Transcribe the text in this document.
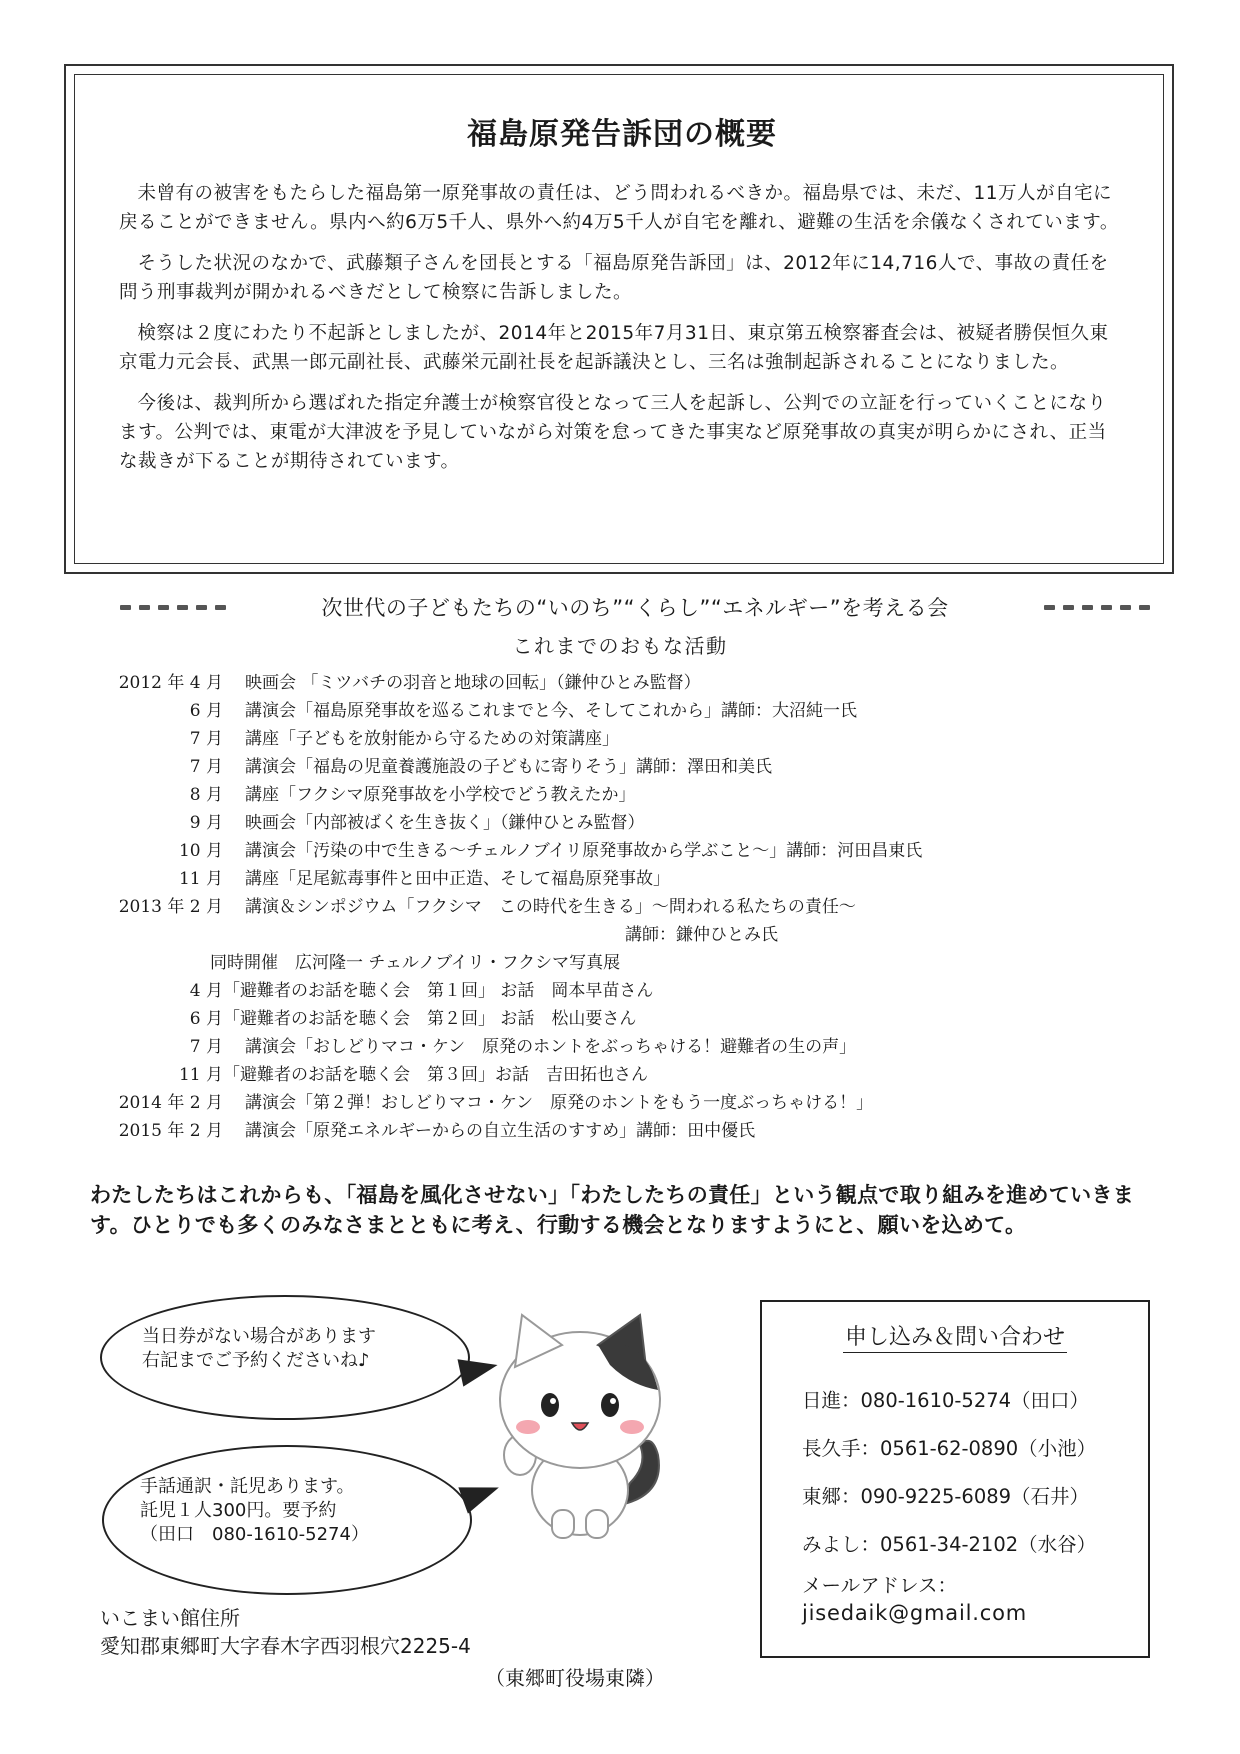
福島原発告訴団の概要

未曾有の被害をもたらした福島第一原発事故の責任は、どう問われるべきか。福島県では、未だ、11万人が自宅に戻ることができません。県内へ約6万5千人、県外へ約4万5千人が自宅を離れ、避難の生活を余儀なくされています。

そうした状況のなかで、武藤類子さんを団長とする「福島原発告訴団」は、2012年に14,716人で、事故の責任を問う刑事裁判が開かれるべきだとして検察に告訴しました。

検察は２度にわたり不起訴としましたが、2014年と2015年7月31日、東京第五検察審査会は、被疑者勝俣恒久東京電力元会長、武黒一郎元副社長、武藤栄元副社長を起訴議決とし、三名は強制起訴されることになりました。

今後は、裁判所から選ばれた指定弁護士が検察官役となって三人を起訴し、公判での立証を行っていくことになります。公判では、東電が大津波を予見していながら対策を怠ってきた事実など原発事故の真実が明らかにされ、正当な裁きが下ることが期待されています。

次世代の子どもたちの“いのち”“くらし”“エネルギー”を考える会
これまでのおもな活動
2012 年 4 月	映画会 「ミツバチの羽音と地球の回転」（鎌仲ひとみ監督）
6 月	講演会「福島原発事故を巡るこれまでと今、そしてこれから」講師：大沼純一氏
7 月	講座「子どもを放射能から守るための対策講座」
7 月	講演会「福島の児童養護施設の子どもに寄りそう」講師：澤田和美氏
8 月	講座「フクシマ原発事故を小学校でどう教えたか」
9 月	映画会「内部被ばくを生き抜く」（鎌仲ひとみ監督）
10 月	講演会「汚染の中で生きる～チェルノブイリ原発事故から学ぶこと～」講師：河田昌東氏
11 月	講座「足尾鉱毒事件と田中正造、そして福島原発事故」
2013 年 2 月	講演＆シンポジウム「フクシマ　この時代を生きる」～問われる私たちの責任～
講師：鎌仲ひとみ氏
同時開催　広河隆一 チェルノブイリ・フクシマ写真展
4 月 「避難者のお話を聴く会　第１回」 お話　岡本早苗さん
6 月 「避難者のお話を聴く会　第２回」 お話　松山要さん
7 月	講演会「おしどりマコ・ケン　原発のホントをぶっちゃける！避難者の生の声」
11 月 「避難者のお話を聴く会　第３回」お話　吉田拓也さん
2014 年 2 月	講演会「第２弾！おしどりマコ・ケン　原発のホントをもう一度ぶっちゃける！」
2015 年 2 月	講演会「原発エネルギーからの自立生活のすすめ」講師：田中優氏
わたしたちはこれからも、「福島を風化させない」「わたしたちの責任」という観点で取り組みを進めていきます。ひとりでも多くのみなさまとともに考え、行動する機会となりますようにと、願いを込めて。
当日券がない場合があります
右記までご予約くださいね♪
手話通訳・託児あります。
託児１人300円。要予約
（田口　080-1610-5274）
いこまい館住所
愛知郡東郷町大字春木字西羽根穴2225-4
（東郷町役場東隣）
申し込み＆問い合わせ
日進：080-1610-5274（田口）
長久手：0561-62-0890（小池）
東郷：090-9225-6089（石井）
みよし：0561-34-2102（水谷）
メールアドレス：
jisedaik@gmail.com
